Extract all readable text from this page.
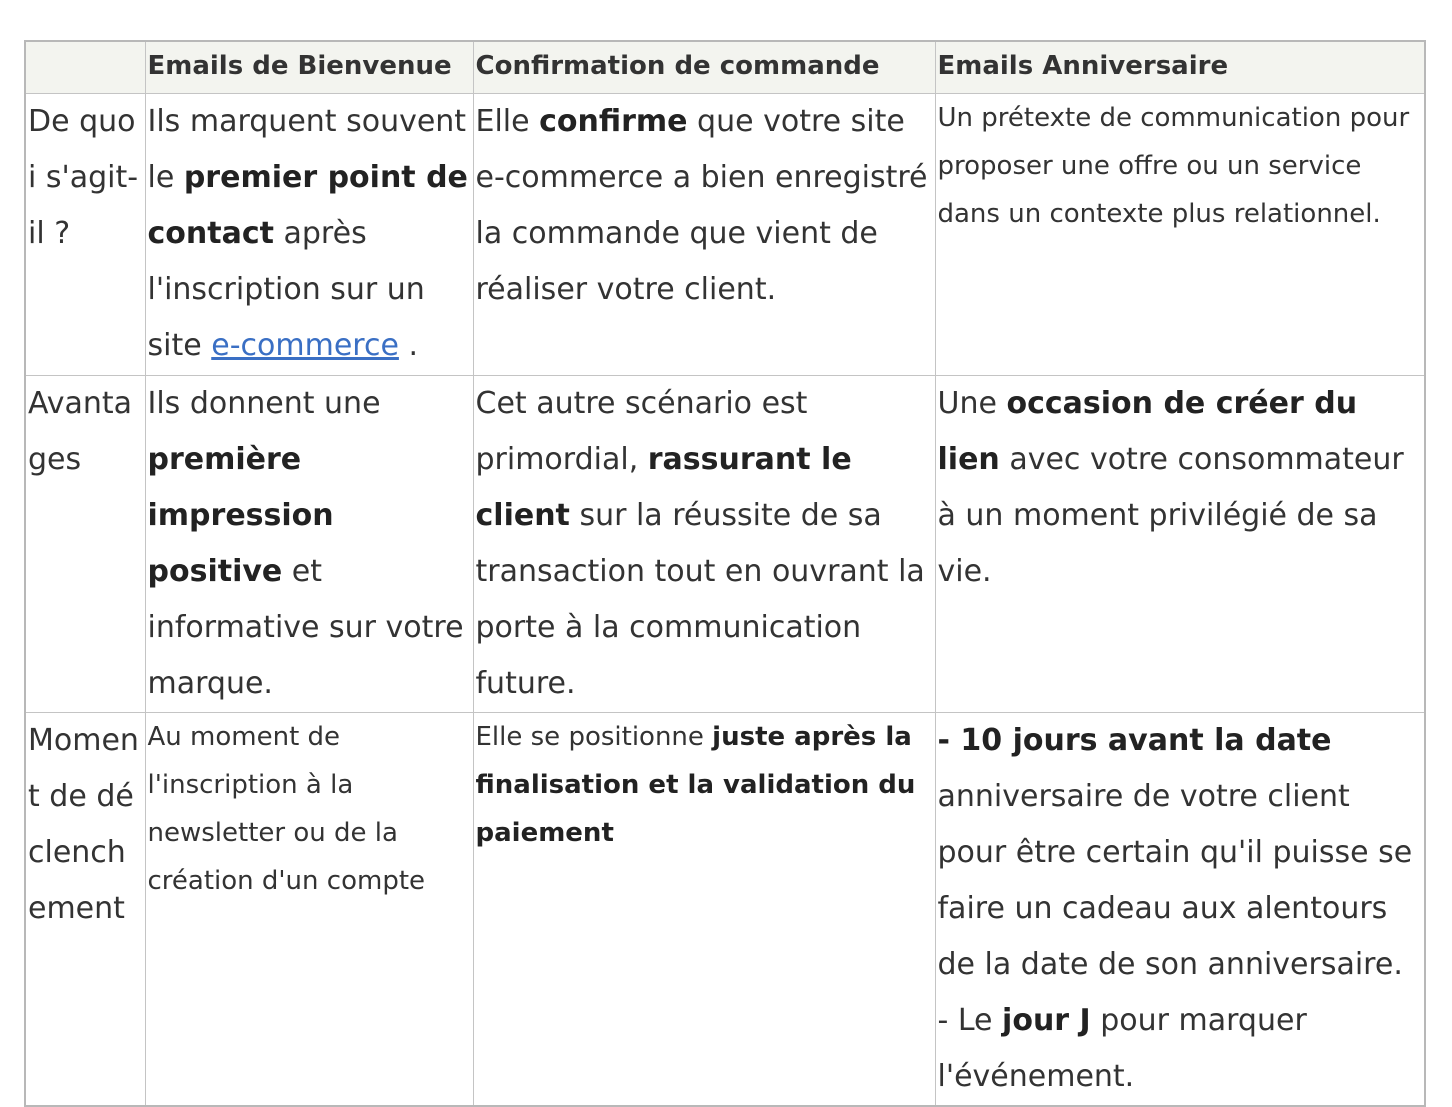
	Emails de Bienvenue	Confirmation de commande	Emails Anniversaire
De quoi s'agit-il ?	Ils marquent souvent le premier point de contact après l'inscription sur un site e-commerce .	Elle confirme que votre site e-commerce a bien enregistré la commande que vient de réaliser votre client.	Un prétexte de communication pour proposer une offre ou un service dans un contexte plus relationnel.
Avantages	Ils donnent une première impression positive et informative sur votre marque.	Cet autre scénario est primordial, rassurant le client sur la réussite de sa transaction tout en ouvrant la porte à la communication future.	Une occasion de créer du lien avec votre consommateur à un moment privilégié de sa vie.
Moment de déclenchement	Au moment de l'inscription à la newsletter ou de la création d'un compte	Elle se positionne juste après la finalisation et la validation du paiement	- 10 jours avant la date anniversaire de votre client pour être certain qu'il puisse se faire un cadeau aux alentours de la date de son anniversaire.
- Le jour J pour marquer l'événement.
